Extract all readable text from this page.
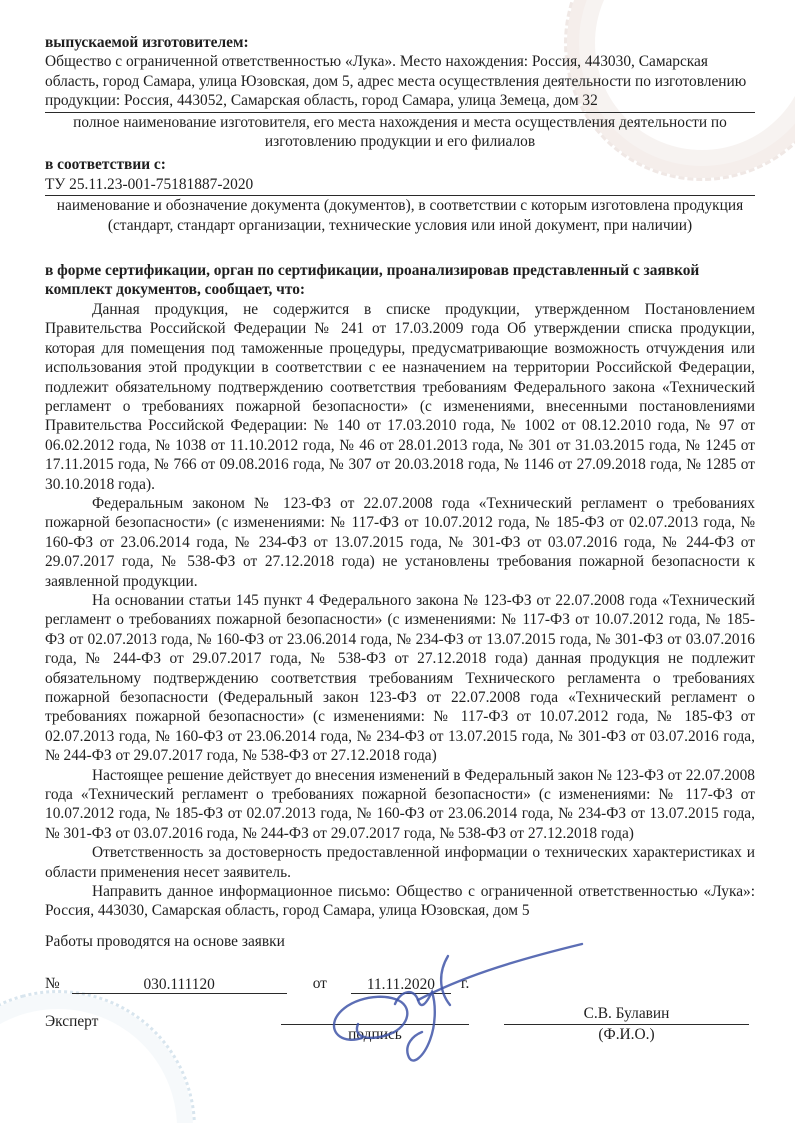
выпускаемой изготовителем:
Общество с ограниченной ответственностью «Лука». Место нахождения: Россия, 443030, Самарская область, город Самара, улица Юзовская, дом 5, адрес места осуществления деятельности по изготовлению продукции: Россия, 443052, Самарская область, город Самара, улица Земеца, дом 32
полное наименование изготовителя, его места нахождения и места осуществления деятельности по изготовлению продукции и его филиалов
в соответствии с:
ТУ 25.11.23-001-75181887-2020
наименование и обозначение документа (документов), в соответствии с которым изготовлена продукция (стандарт, стандарт организации, технические условия или иной документ, при наличии)
в форме сертификации, орган по сертификации, проанализировав представленный с заявкой комплект документов, сообщает, что:

Данная продукция, не содержится в списке продукции, утвержденном Постановлением Правительства Российской Федерации № 241 от 17.03.2009 года Об утверждении списка продукции, которая для помещения под таможенные процедуры, предусматривающие возможность отчуждения или использования этой продукции в соответствии с ее назначением на территории Российской Федерации, подлежит обязательному подтверждению соответствия требованиям Федерального закона «Технический регламент о требованиях пожарной безопасности» (с изменениями, внесенными постановлениями Правительства Российской Федерации: № 140 от 17.03.2010 года, № 1002 от 08.12.2010 года, № 97 от 06.02.2012 года, № 1038 от 11.10.2012 года, № 46 от 28.01.2013 года, № 301 от 31.03.2015 года, № 1245 от 17.11.2015 года, № 766 от 09.08.2016 года, № 307 от 20.03.2018 года, № 1146 от 27.09.2018 года, № 1285 от 30.10.2018 года).

Федеральным законом № 123-ФЗ от 22.07.2008 года «Технический регламент о требованиях пожарной безопасности» (с изменениями: № 117-ФЗ от 10.07.2012 года, № 185-ФЗ от 02.07.2013 года, № 160-ФЗ от 23.06.2014 года, № 234-ФЗ от 13.07.2015 года, № 301-ФЗ от 03.07.2016 года, № 244-ФЗ от 29.07.2017 года, № 538-ФЗ от 27.12.2018 года) не установлены требования пожарной безопасности к заявленной продукции.

На основании статьи 145 пункт 4 Федерального закона № 123-ФЗ от 22.07.2008 года «Технический регламент о требованиях пожарной безопасности» (с изменениями: № 117-ФЗ от 10.07.2012 года, № 185-ФЗ от 02.07.2013 года, № 160-ФЗ от 23.06.2014 года, № 234-ФЗ от 13.07.2015 года, № 301-ФЗ от 03.07.2016 года, № 244-ФЗ от 29.07.2017 года, № 538-ФЗ от 27.12.2018 года) данная продукция не подлежит обязательному подтверждению соответствия требованиям Технического регламента о требованиях пожарной безопасности (Федеральный закон 123-ФЗ от 22.07.2008 года «Технический регламент о требованиях пожарной безопасности» (с изменениями: № 117-ФЗ от 10.07.2012 года, № 185-ФЗ от 02.07.2013 года, № 160-ФЗ от 23.06.2014 года, № 234-ФЗ от 13.07.2015 года, № 301-ФЗ от 03.07.2016 года, № 244-ФЗ от 29.07.2017 года, № 538-ФЗ от 27.12.2018 года)

Настоящее решение действует до внесения изменений в Федеральный закон № 123-ФЗ от 22.07.2008 года «Технический регламент о требованиях пожарной безопасности» (с изменениями: № 117-ФЗ от 10.07.2012 года, № 185-ФЗ от 02.07.2013 года, № 160-ФЗ от 23.06.2014 года, № 234-ФЗ от 13.07.2015 года, № 301-ФЗ от 03.07.2016 года, № 244-ФЗ от 29.07.2017 года, № 538-ФЗ от 27.12.2018 года)

Ответственность за достоверность предоставленной информации о технических характеристиках и области применения несет заявитель.

Направить данное информационное письмо: Общество с ограниченной ответственностью «Лука»: Россия, 443030, Самарская область, город Самара, улица Юзовская, дом 5

Работы проводятся на основе заявки
№	030.111120	от	11.11.2020 г.
Эксперт
подпись
С.В. Булавин
(Ф.И.О.)
